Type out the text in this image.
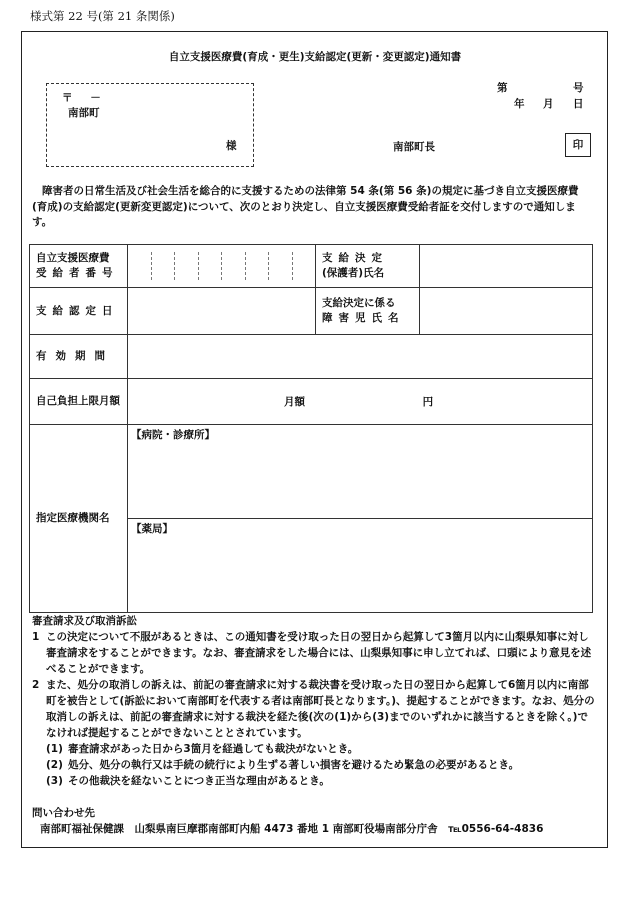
様式第 22 号(第 21 条関係)
自立支援医療費(育成・更生)支給認定(更新・変更認定)通知書
〒 　 －
南部町
様
第	号
年 月 日
南部町長	印
障害者の日常生活及び社会生活を総合的に支援するための法律第 54 条(第 56 条)の規定に基づき自立支援医療費(育成)の支給認定(更新変更認定)について、次のとおり決定し、自立支援医療費受給者証を交付しますので通知します。
自立支援医療費
受給者番号		支給決定
(保護者)氏名	

支給認定日		支給決定に係る
障害児氏名	

有効期間			
自己負担上限月額	月額 円		
指定医療機関名	【病院・診療所】		
	【薬局】		

審査請求及び取消訴訟

1 この決定について不服があるときは、この通知書を受け取った日の翌日から起算して3箇月以内に山梨県知事に対し審査請求をすることができます。なお、審査請求をした場合には、山梨県知事に申し立てれば、口頭により意見を述べることができます。
2 また、処分の取消しの訴えは、前記の審査請求に対する裁決書を受け取った日の翌日から起算して6箇月以内に南部町を被告として(訴訟において南部町を代表する者は南部町長となります。)、提起することができます。なお、処分の取消しの訴えは、前記の審査請求に対する裁決を経た後(次の(1)から(3)までのいずれかに該当するときを除く。)でなければ提起することができないこととされています。
(1) 審査請求があった日から3箇月を経過しても裁決がないとき。
(2) 処分、処分の執行又は手続の続行により生ずる著しい損害を避けるため緊急の必要があるとき。
(3) その他裁決を経ないことにつき正当な理由があるとき。

問い合わせ先

南部町福祉保健課　山梨県南巨摩郡南部町内船 4473 番地 1 南部町役場南部分庁舎　℡0556-64-4836
